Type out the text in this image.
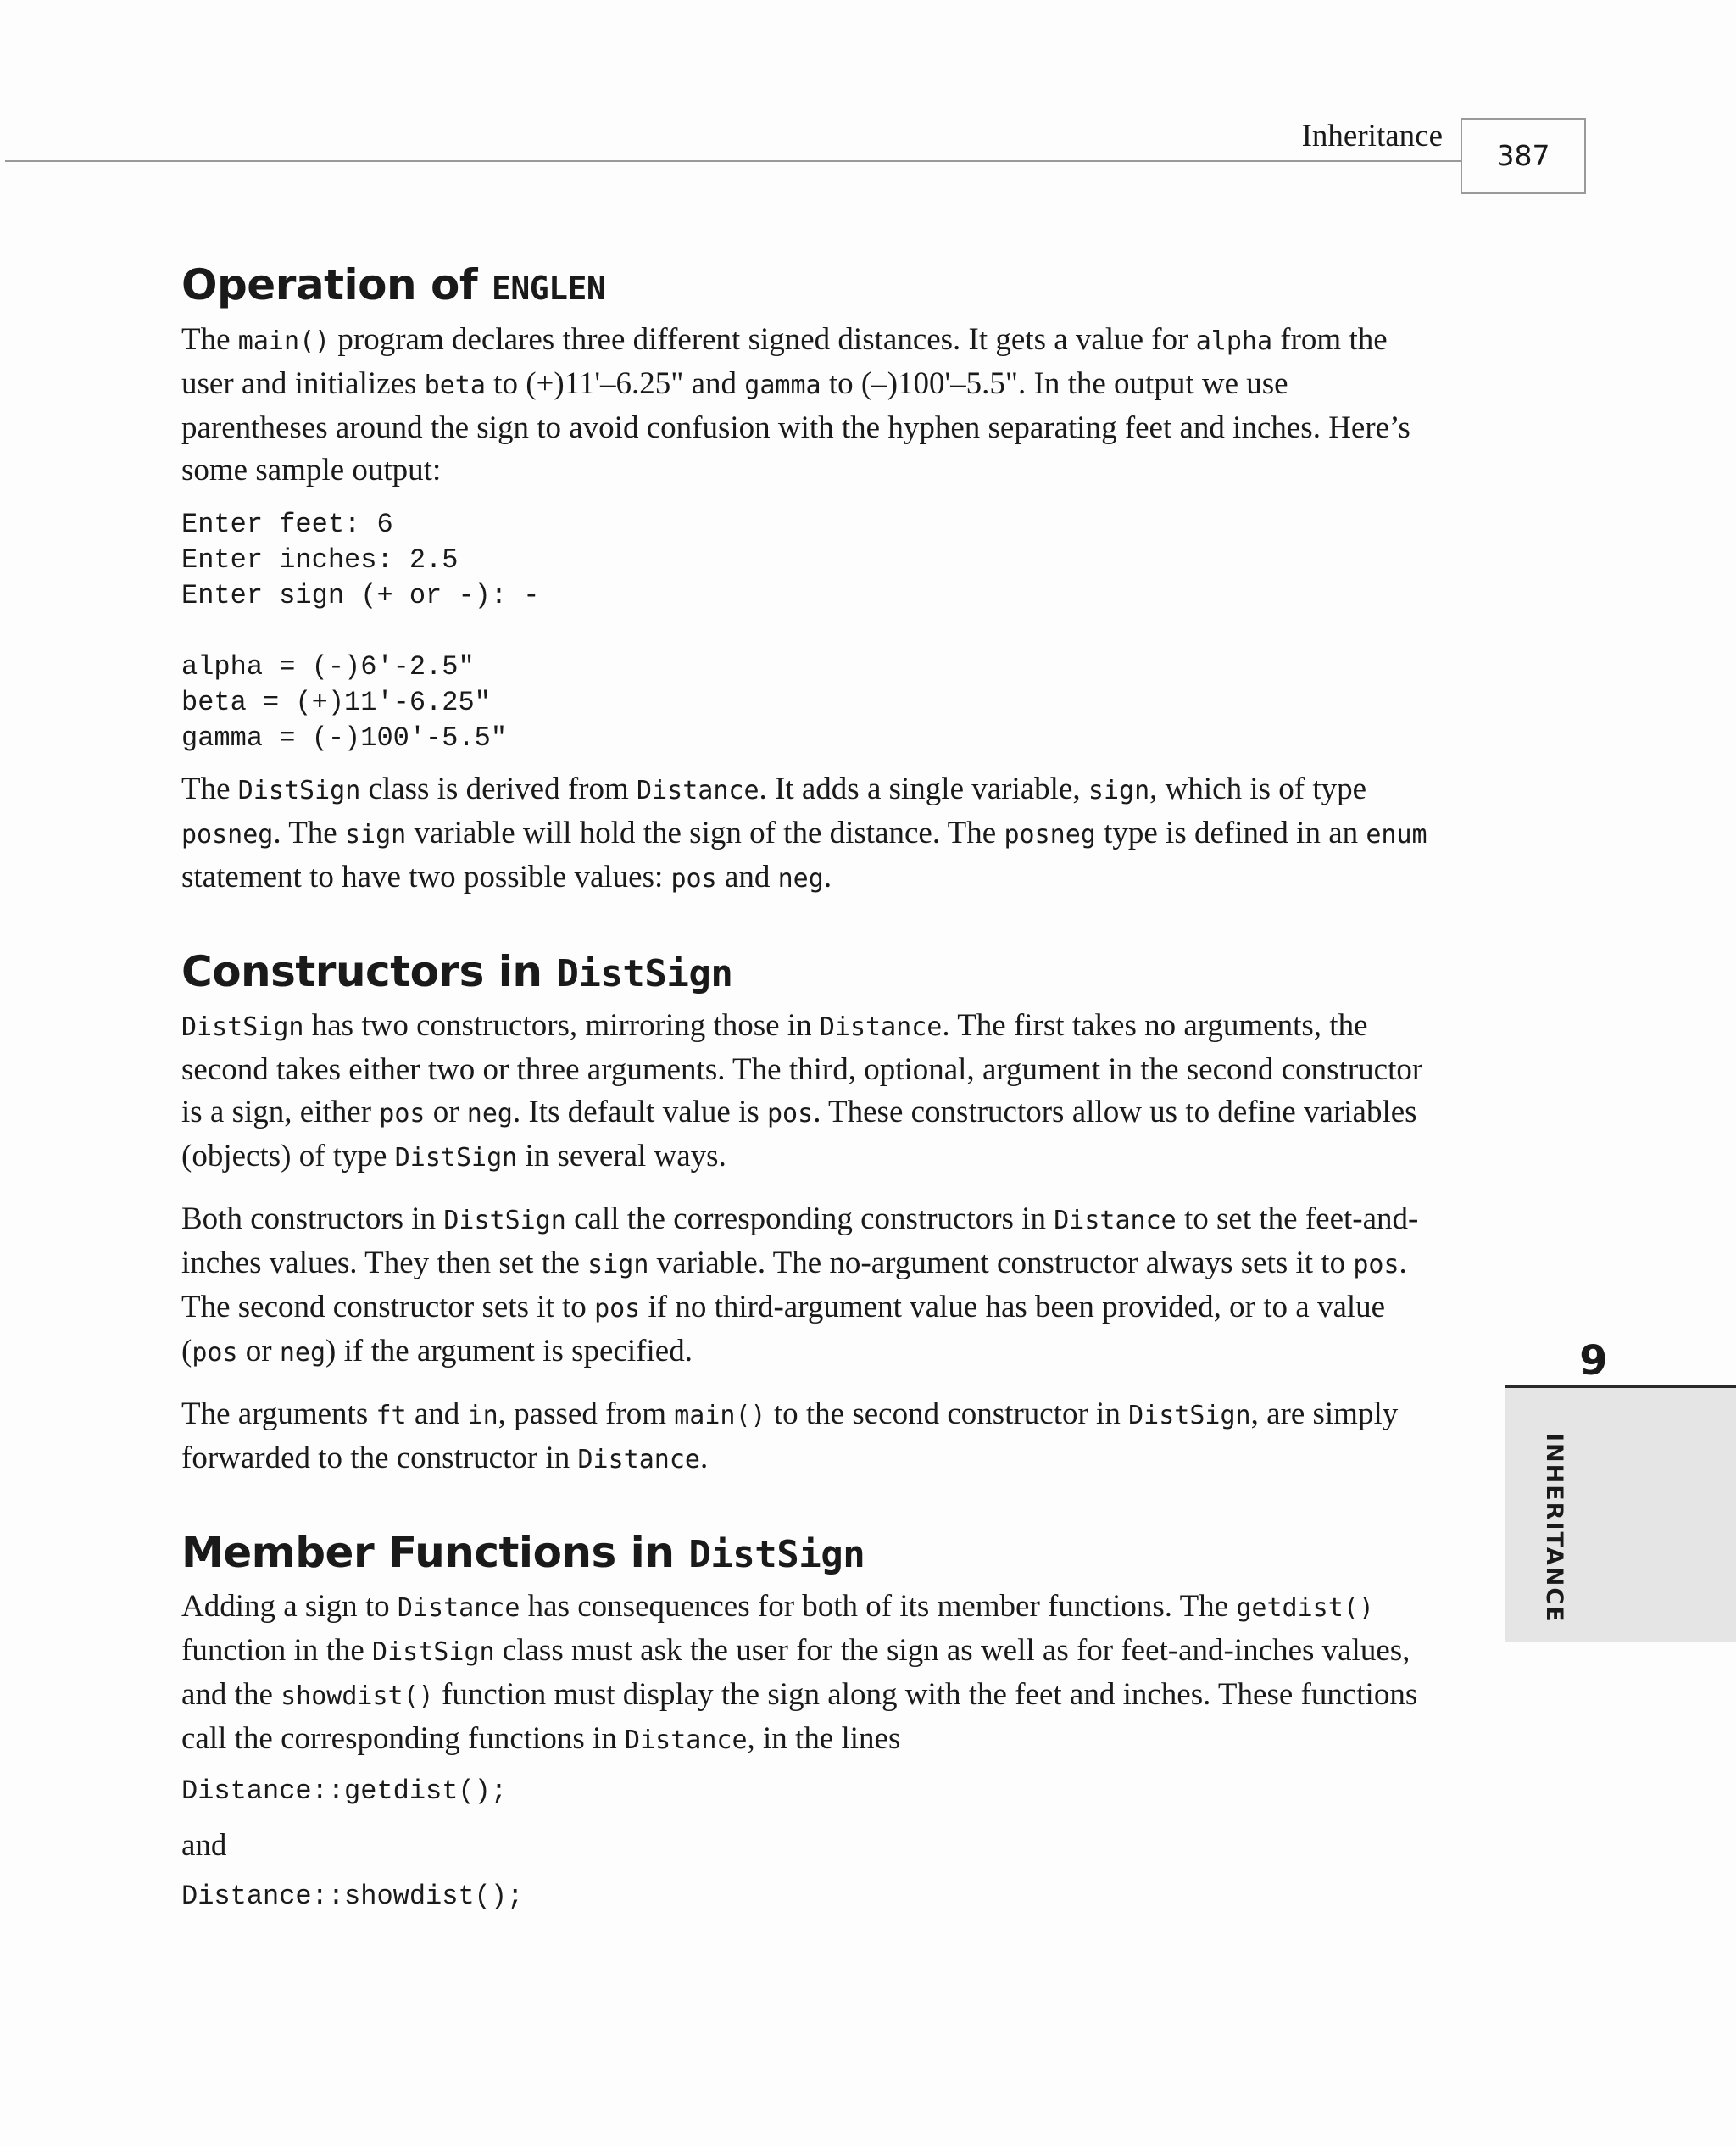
Inheritance
387
Operation of ENGLEN

The main() program declares three different signed distances. It gets a value for alpha from the user and initializes beta to (+)11'–6.25" and gamma to (–)100'–5.5". In the output we use parentheses around the sign to avoid confusion with the hyphen separating feet and inches. Here’s some sample output:

Enter feet: 6
Enter inches: 2.5
Enter sign (+ or -): -

alpha = (-)6'-2.5"
beta = (+)11'-6.25"
gamma = (-)100'-5.5"

The DistSign class is derived from Distance. It adds a single variable, sign, which is of type posneg. The sign variable will hold the sign of the distance. The posneg type is defined in an enum statement to have two possible values: pos and neg.

Constructors in DistSign

DistSign has two constructors, mirroring those in Distance. The first takes no arguments, the second takes either two or three arguments. The third, optional, argument in the second constructor is a sign, either pos or neg. Its default value is pos. These constructors allow us to define variables (objects) of type DistSign in several ways.

Both constructors in DistSign call the corresponding constructors in Distance to set the feet-and-inches values. They then set the sign variable. The no-argument constructor always sets it to pos. The second constructor sets it to pos if no third-argument value has been provided, or to a value (pos or neg) if the argument is specified.

The arguments ft and in, passed from main() to the second constructor in DistSign, are simply forwarded to the constructor in Distance.

Member Functions in DistSign

Adding a sign to Distance has consequences for both of its member functions. The getdist() function in the DistSign class must ask the user for the sign as well as for feet-and-inches values, and the showdist() function must display the sign along with the feet and inches. These functions call the corresponding functions in Distance, in the lines

Distance::getdist();

and

Distance::showdist();
9
INHERITANCE
